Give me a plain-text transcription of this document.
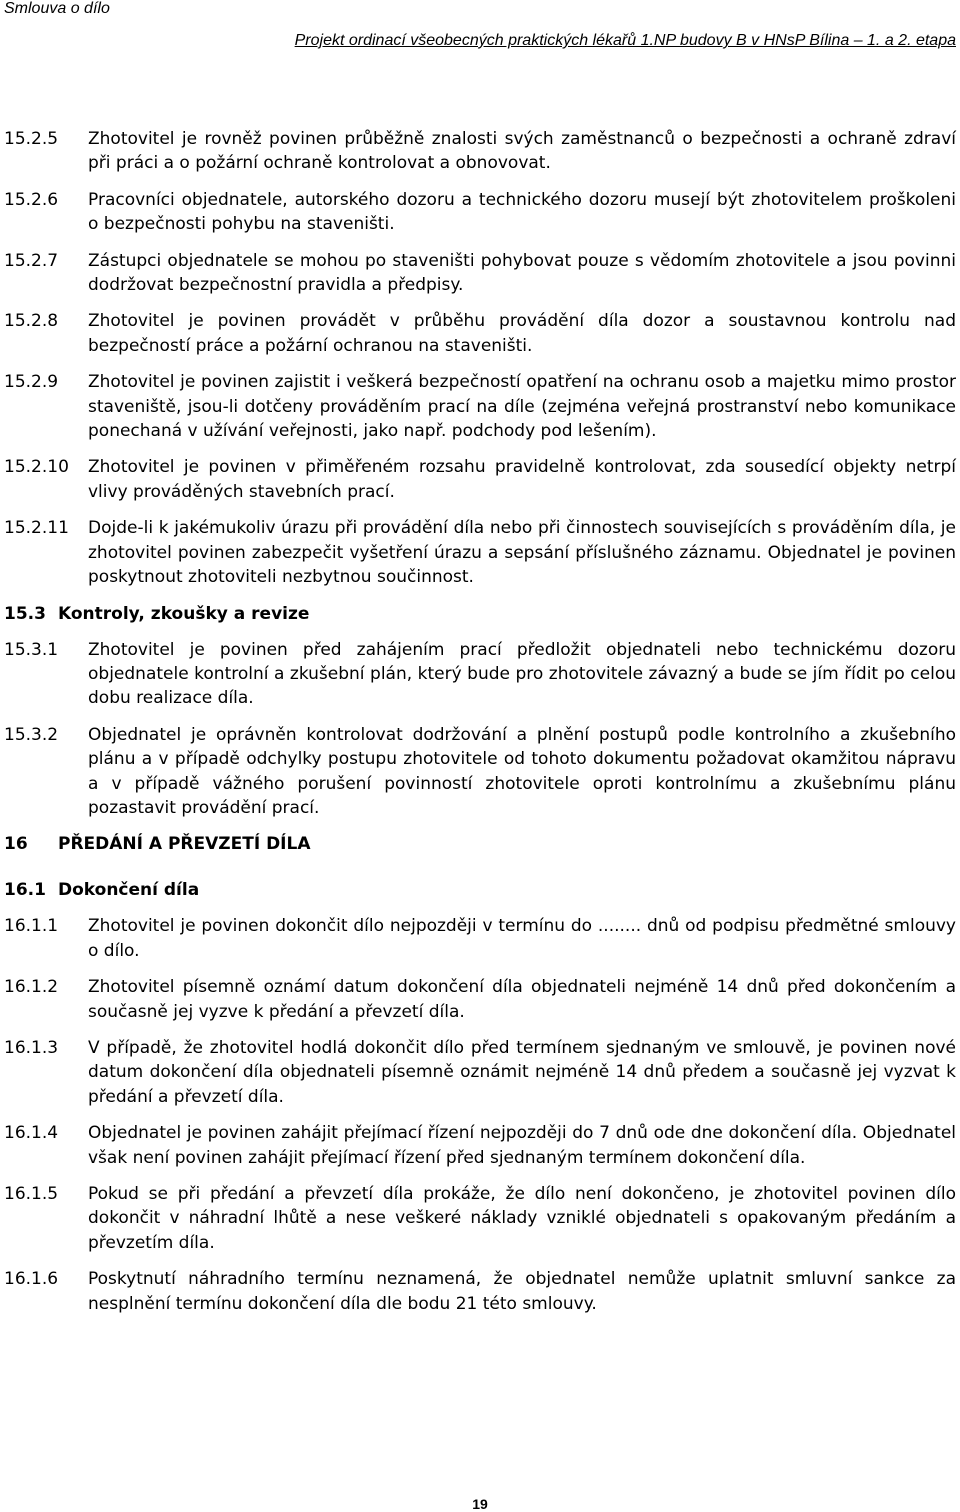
Smlouva o dílo
Projekt ordinací všeobecných praktických lékařů 1.NP budovy B v HNsP Bílina – 1. a 2. etapa
15.2.5	Zhotovitel je rovněž povinen průběžně znalosti svých zaměstnanců o bezpečnosti a ochraně zdraví při práci a o požární ochraně kontrolovat a obnovovat.
15.2.6	Pracovníci objednatele, autorského dozoru a technického dozoru musejí být zhotovitelem proškoleni o bezpečnosti pohybu na staveništi.
15.2.7	Zástupci objednatele se mohou po staveništi pohybovat pouze s vědomím zhotovitele a jsou povinni dodržovat bezpečnostní pravidla a předpisy.
15.2.8	Zhotovitel je povinen provádět v průběhu provádění díla dozor a soustavnou kontrolu nad bezpečností práce a požární ochranou na staveništi.
15.2.9	Zhotovitel je povinen zajistit i veškerá bezpečností opatření na ochranu osob a majetku mimo prostor staveniště, jsou-li dotčeny prováděním prací na díle (zejména veřejná prostranství nebo komunikace ponechaná v užívání veřejnosti, jako např. podchody pod lešením).
15.2.10	Zhotovitel je povinen v přiměřeném rozsahu pravidelně kontrolovat, zda sousedící objekty netrpí vlivy prováděných stavebních prací.
15.2.11	Dojde-li k jakémukoliv úrazu při provádění díla nebo při činnostech souvisejících s prováděním díla, je zhotovitel povinen zabezpečit vyšetření úrazu a sepsání příslušného záznamu. Objednatel je povinen poskytnout zhotoviteli nezbytnou součinnost.
15.3 Kontroly, zkoušky a revize
15.3.1	Zhotovitel je povinen před zahájením prací předložit objednateli nebo technickému dozoru objednatele kontrolní a zkušební plán, který bude pro zhotovitele závazný a bude se jím řídit po celou dobu realizace díla.
15.3.2	Objednatel je oprávněn kontrolovat dodržování a plnění postupů podle kontrolního a zkušebního plánu a v případě odchylky postupu zhotovitele od tohoto dokumentu požadovat okamžitou nápravu a v případě vážného porušení povinností zhotovitele oproti kontrolnímu a zkušebnímu plánu pozastavit provádění prací.
16	PŘEDÁNÍ A PŘEVZETÍ DÍLA
16.1 Dokončení díla
16.1.1	Zhotovitel je povinen dokončit dílo nejpozději v termínu do ........ dnů od podpisu předmětné smlouvy o dílo.
16.1.2	Zhotovitel písemně oznámí datum dokončení díla objednateli nejméně 14 dnů před dokončením a současně jej vyzve k předání a převzetí díla.
16.1.3	V případě, že zhotovitel hodlá dokončit dílo před termínem sjednaným ve smlouvě, je povinen nové datum dokončení díla objednateli písemně oznámit nejméně 14 dnů předem a současně jej vyzvat k předání a převzetí díla.
16.1.4	Objednatel je povinen zahájit přejímací řízení nejpozději do 7 dnů ode dne dokončení díla. Objednatel však není povinen zahájit přejímací řízení před sjednaným termínem dokončení díla.
16.1.5	Pokud se při předání a převzetí díla prokáže, že dílo není dokončeno, je zhotovitel povinen dílo dokončit v náhradní lhůtě a nese veškeré náklady vzniklé objednateli s opakovaným předáním a převzetím díla.
16.1.6	Poskytnutí náhradního termínu neznamená, že objednatel nemůže uplatnit smluvní sankce za nesplnění termínu dokončení díla dle bodu 21 této smlouvy.
19
